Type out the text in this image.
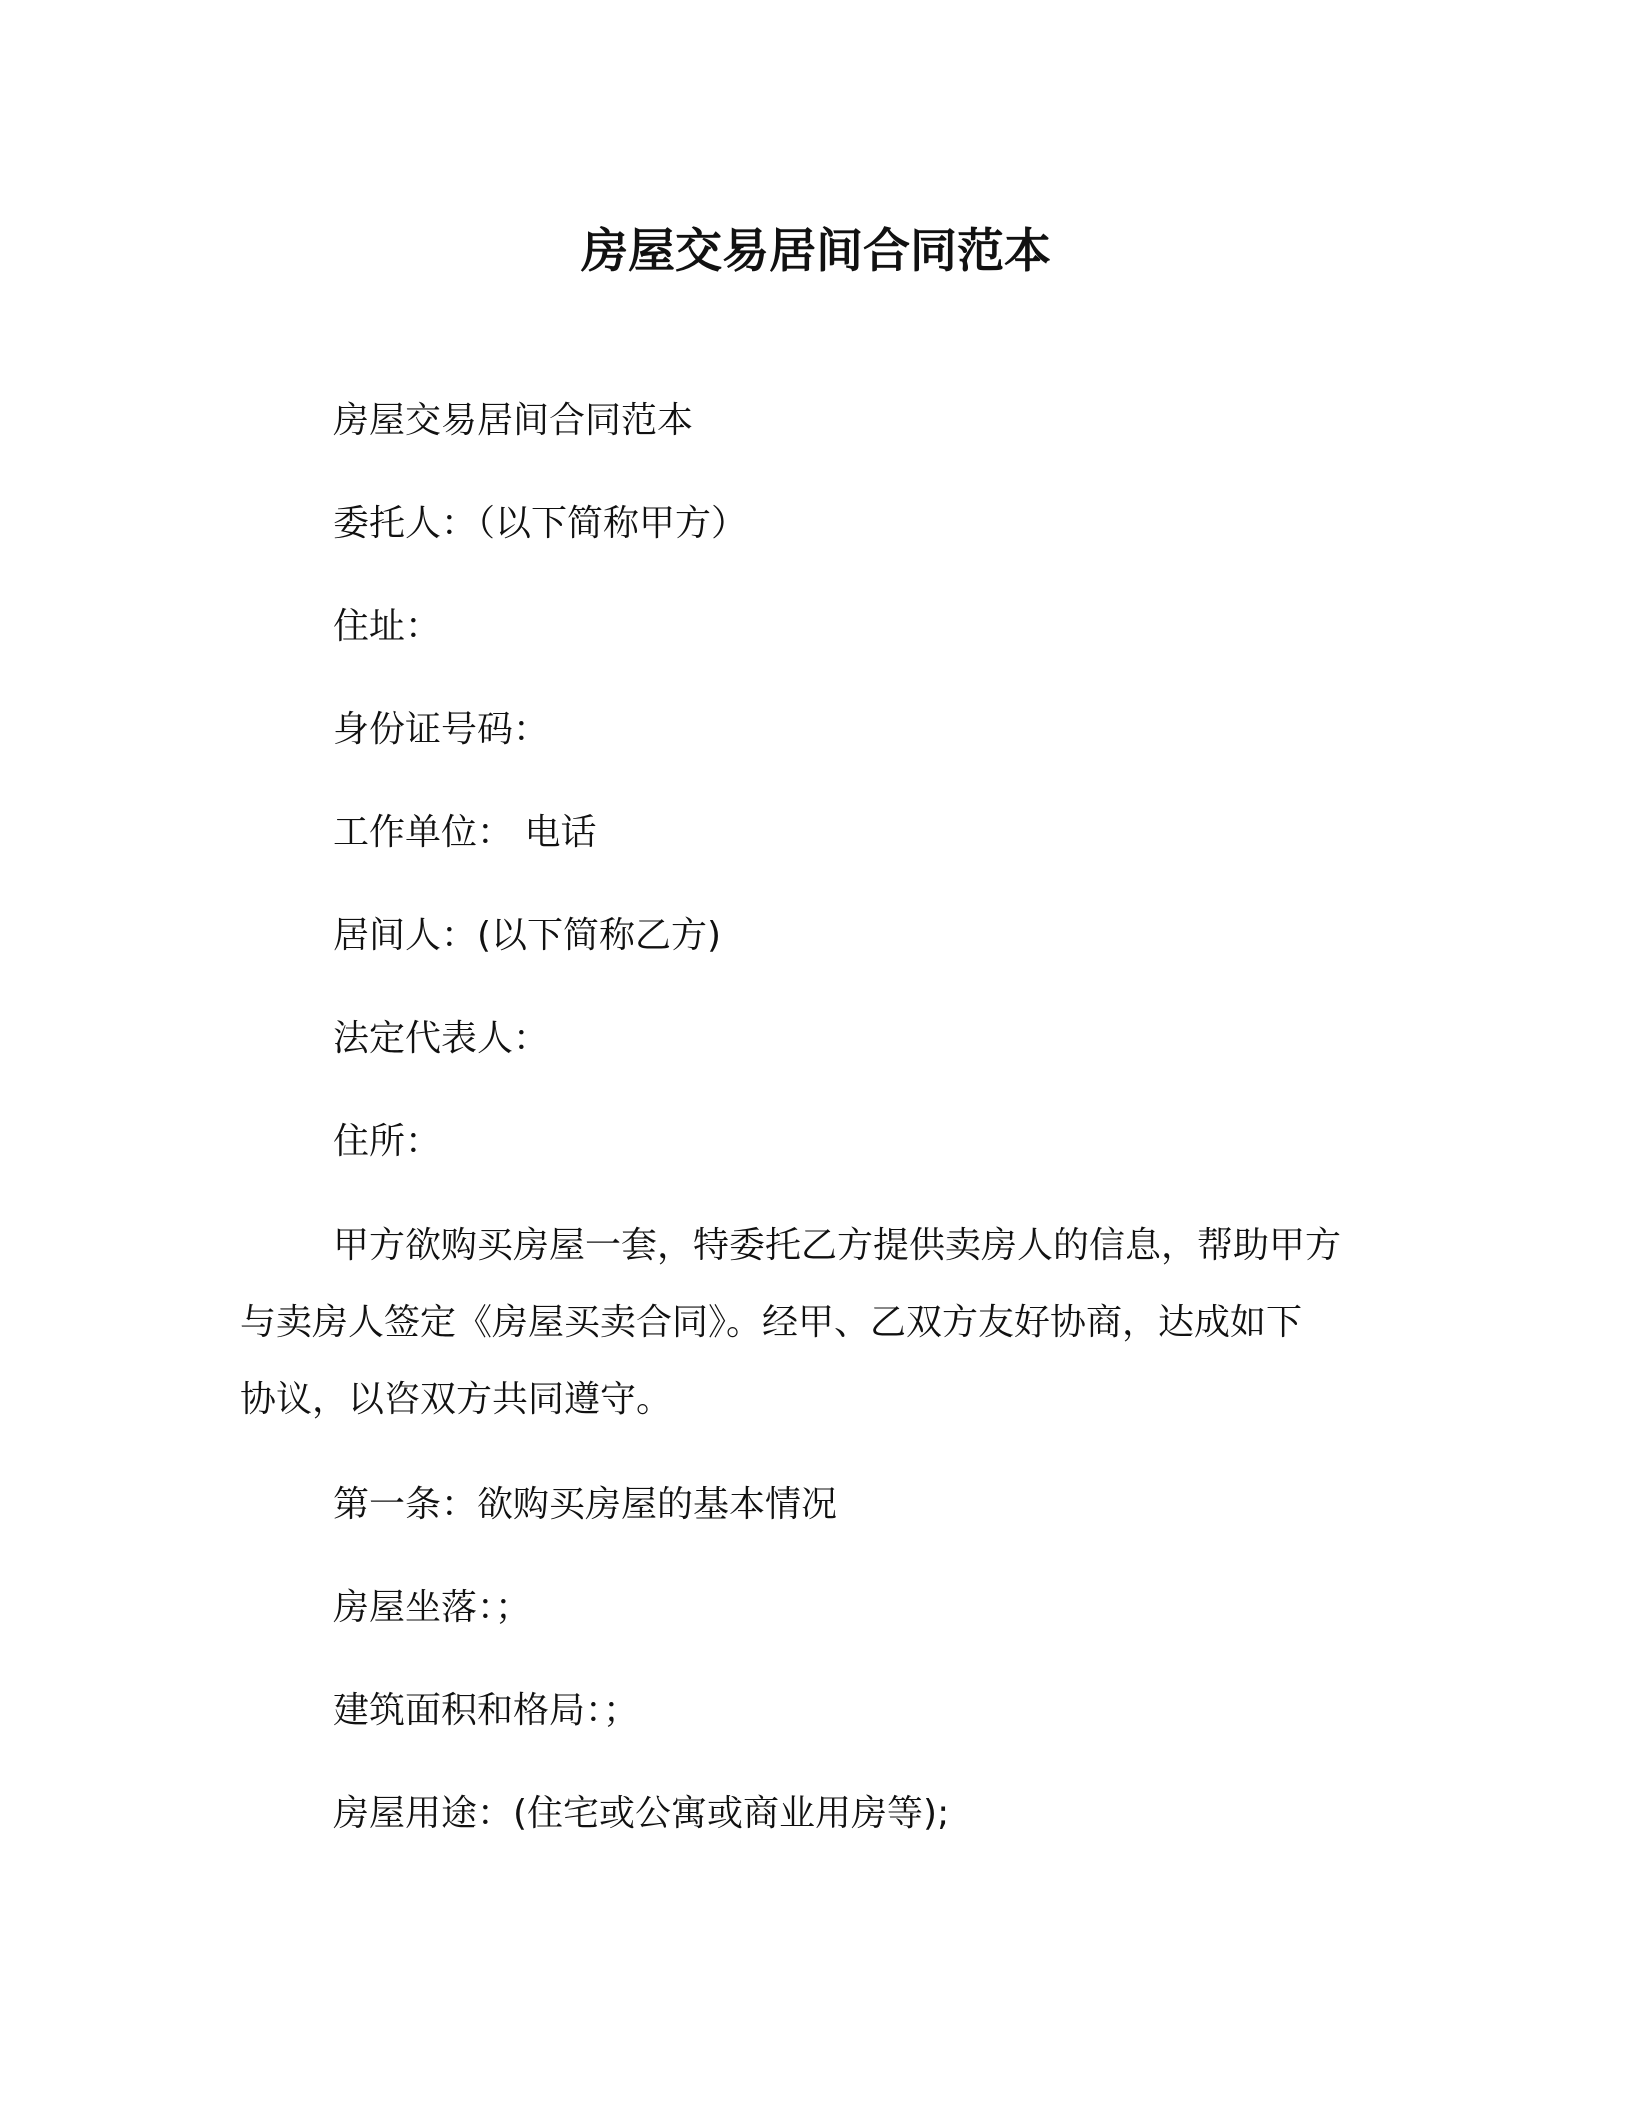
房屋交易居间合同范本
房屋交易居间合同范本
委托人：（以下简称甲方）
住址：
身份证号码：
工作单位： 电话
居间人：(以下简称乙方)
法定代表人：
住所：
甲方欲购买房屋一套，特委托乙方提供卖房人的信息，帮助甲方
与卖房人签定《房屋买卖合同》。经甲、乙双方友好协商，达成如下
协议，以咨双方共同遵守。
第一条：欲购买房屋的基本情况
房屋坐落：；
建筑面积和格局：；
房屋用途：(住宅或公寓或商业用房等);
